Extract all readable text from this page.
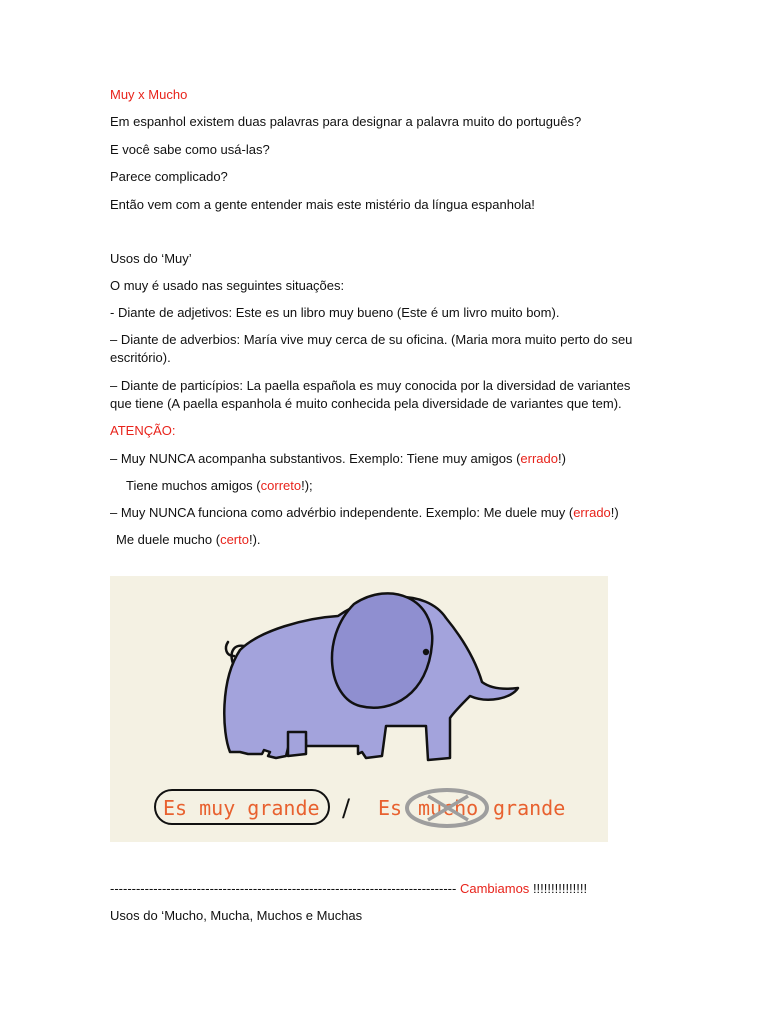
Muy x Mucho
Em espanhol existem duas palavras para designar a palavra muito do português?
E você sabe como usá-las?
Parece complicado?
Então vem com a gente entender mais este mistério da língua espanhola!
Usos do ‘Muy’
O muy é usado nas seguintes situações:
- Diante de adjetivos: Este es un libro muy bueno (Este é um livro muito bom).
– Diante de adverbios: María vive muy cerca de su oficina. (Maria mora muito perto do seu escritório).
– Diante de particípios: La paella española es muy conocida por la diversidad de variantes que tiene (A paella espanhola é muito conhecida pela diversidade de variantes que tem).
ATENÇÃO:
– Muy NUNCA acompanha substantivos. Exemplo: Tiene muy amigos (errado!)
Tiene muchos amigos (correto!);
– Muy NUNCA funciona como advérbio independente. Exemplo: Me duele muy (errado!)
Me duele mucho (certo!).
Es muy grande / Es mucho grande
-------------------------------------------------------------------------------- Cambiamos !!!!!!!!!!!!!!!
Usos do ‘Mucho, Mucha, Muchos e Muchas
